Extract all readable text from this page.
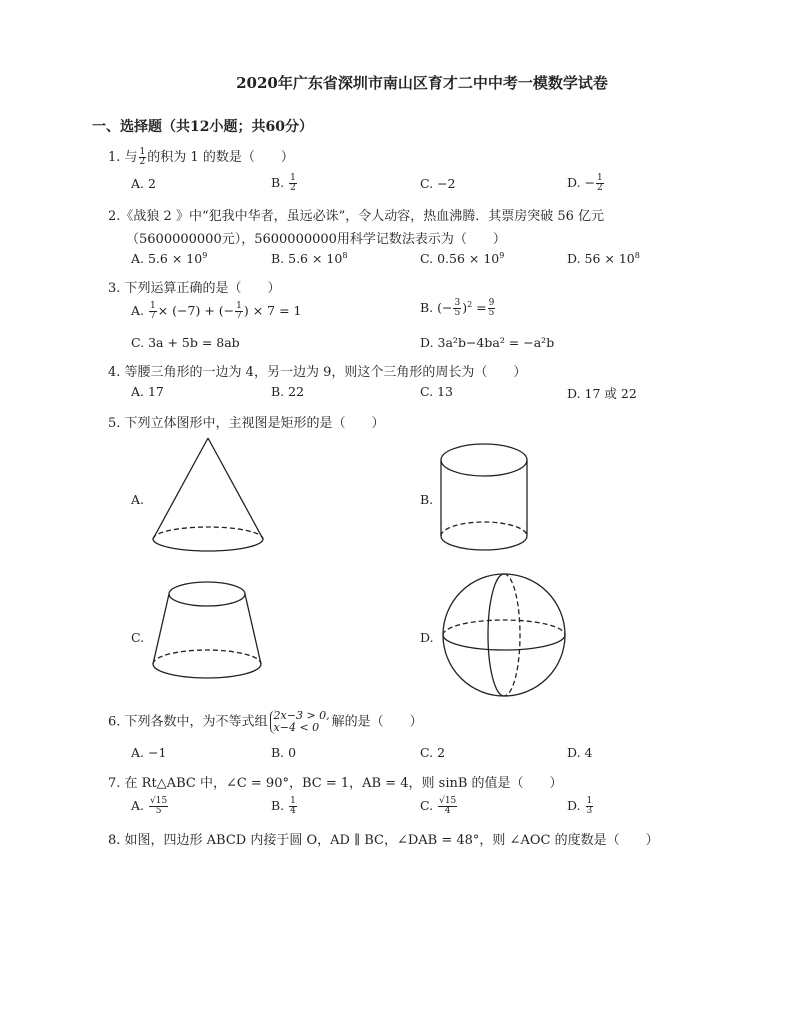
2020年广东省深圳市南山区育才二中中考一模数学试卷
一、选择题（共12小题；共60分）
1. 与 $\frac{1}{2}$ 的积为 1 的数是（　　）
A. 2	B. $\frac{1}{2}$	C. −2	D. − $\frac{1}{2}$
2.《战狼 2 》中“犯我中华者，虽远必诛”，令人动容，热血沸腾．其票房突破 56 亿元
（5600000000元），5600000000用科学记数法表示为（　　）
A. $5.6 \times 10^9$	B. $5.6 \times 10^8$	C. $0.56 \times 10^9$	D. $56 \times 10^8$
3. 下列运算正确的是（　　）
A. $\frac{1}{7} \times (-7)$ + (− $\frac{1}{7}$ ) × 7 = 1	B. (− $\frac{3}{5} )^2 = \frac{9}{5}$
C. 3a + 5b = 8ab	D. 3a²b−4ba² = −a²b
4. 等腰三角形的一边为 4，另一边为 9，则这个三角形的周长为（　　）
A. 17	B. 22	C. 13	D. 17 或 22
5. 下列立体图形中，主视图是矩形的是（　　）
A.	B.
C.	D.
6. 下列各数中，为不等式组 2x−3 > 0,
x−4 < 0 解的是（　　）
A. −1	B. 0	C. 2	D. 4
7. 在 Rt△ABC 中，∠C = 90°，BC = 1，AB = 4，则 sinB 的值是（　　）
A. $\frac{√15}{5}$	B. $\frac{1}{4}$	C. $\frac{√15}{4}$	D. $\frac{1}{3}$
8. 如图，四边形 ABCD 内接于圆 O，AD ∥ BC，∠DAB = 48°，则 ∠AOC 的度数是（　　）
